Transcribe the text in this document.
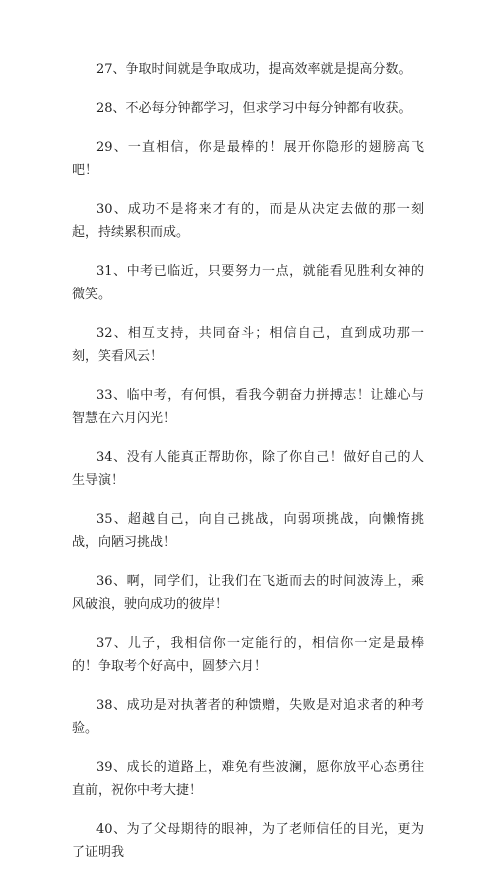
27、争取时间就是争取成功，提高效率就是提高分数。

28、不必每分钟都学习，但求学习中每分钟都有收获。

29、一直相信，你是最棒的！展开你隐形的翅膀高飞吧！

30、成功不是将来才有的，而是从决定去做的那一刻起，持续累积而成。

31、中考已临近，只要努力一点，就能看见胜利女神的微笑。

32、相互支持，共同奋斗；相信自己，直到成功那一刻，笑看风云！

33、临中考，有何惧，看我今朝奋力拼搏志！让雄心与智慧在六月闪光！

34、没有人能真正帮助你，除了你自己！做好自己的人生导演！

35、超越自己，向自己挑战，向弱项挑战，向懒惰挑战，向陋习挑战！

36、啊，同学们，让我们在飞逝而去的时间波涛上，乘风破浪，驶向成功的彼岸！

37、儿子，我相信你一定能行的，相信你一定是最棒的！争取考个好高中，圆梦六月！

38、成功是对执著者的种馈赠，失败是对追求者的种考验。

39、成长的道路上，难免有些波澜，愿你放平心态勇往直前，祝你中考大捷！

40、为了父母期待的眼神，为了老师信任的目光，更为了证明我
